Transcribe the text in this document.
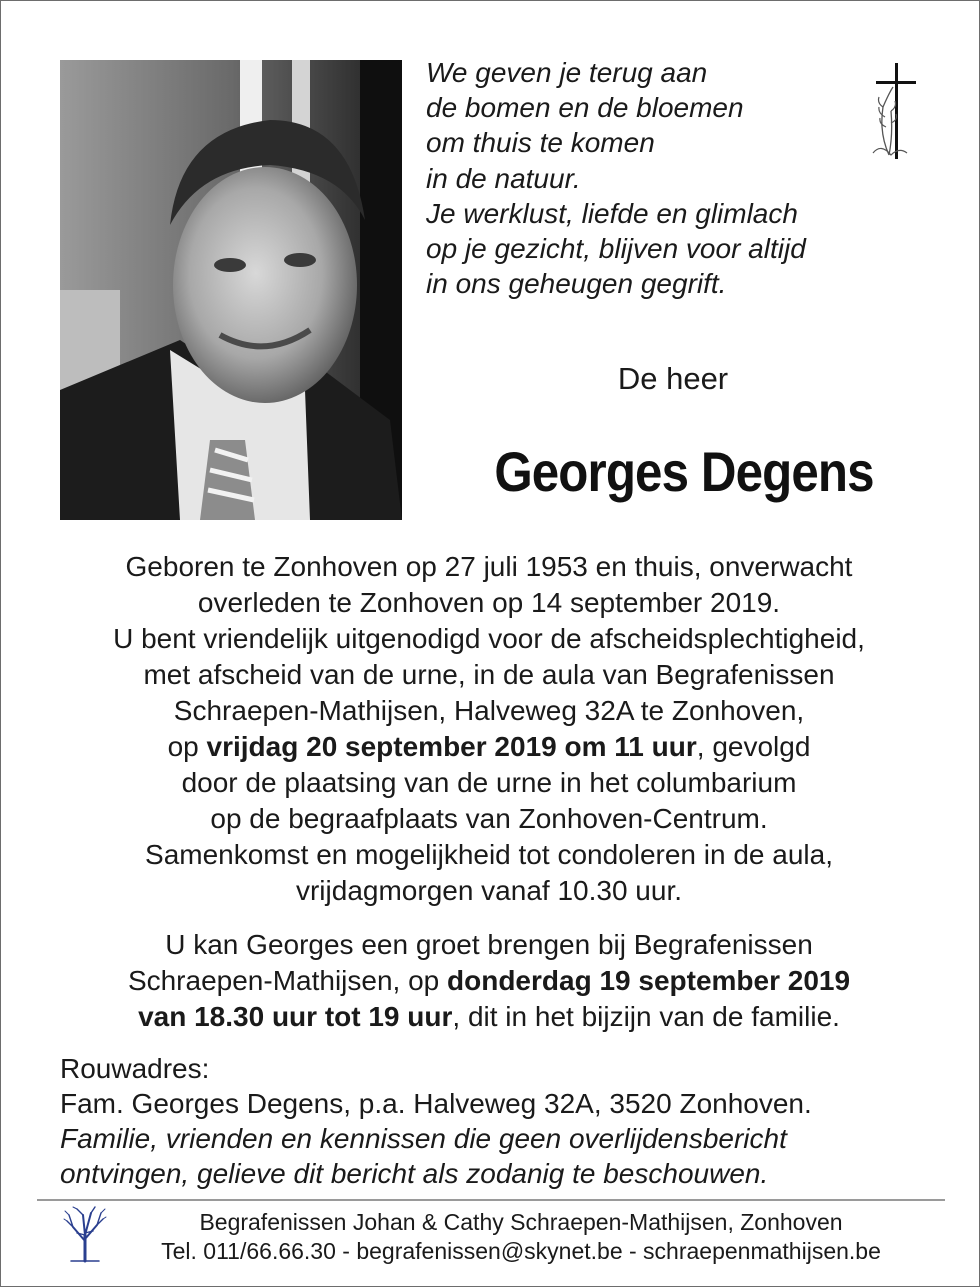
We geven je terug aan
de bomen en de bloemen
om thuis te komen
in de natuur.
Je werklust, liefde en glimlach
op je gezicht, blijven voor altijd
in ons geheugen gegrift.
De heer
Georges Degens
Geboren te Zonhoven op 27 juli 1953 en thuis, onverwacht
overleden te Zonhoven op 14 september 2019.
U bent vriendelijk uitgenodigd voor de afscheidsplechtigheid,
met afscheid van de urne, in de aula van Begrafenissen
Schraepen-Mathijsen, Halveweg 32A te Zonhoven,
op vrijdag 20 september 2019 om 11 uur, gevolgd
door de plaatsing van de urne in het columbarium
op de begraafplaats van Zonhoven-Centrum.
Samenkomst en mogelijkheid tot condoleren in de aula,
vrijdagmorgen vanaf 10.30 uur.
U kan Georges een groet brengen bij Begrafenissen
Schraepen-Mathijsen, op donderdag 19 september 2019
van 18.30 uur tot 19 uur, dit in het bijzijn van de familie.
Rouwadres:
Fam. Georges Degens, p.a. Halveweg 32A, 3520 Zonhoven.
Familie, vrienden en kennissen die geen overlijdensbericht
ontvingen, gelieve dit bericht als zodanig te beschouwen.
Begrafenissen Johan & Cathy Schraepen-Mathijsen, Zonhoven
Tel. 011/66.66.30 - begrafenissen@skynet.be - schraepenmathijsen.be
